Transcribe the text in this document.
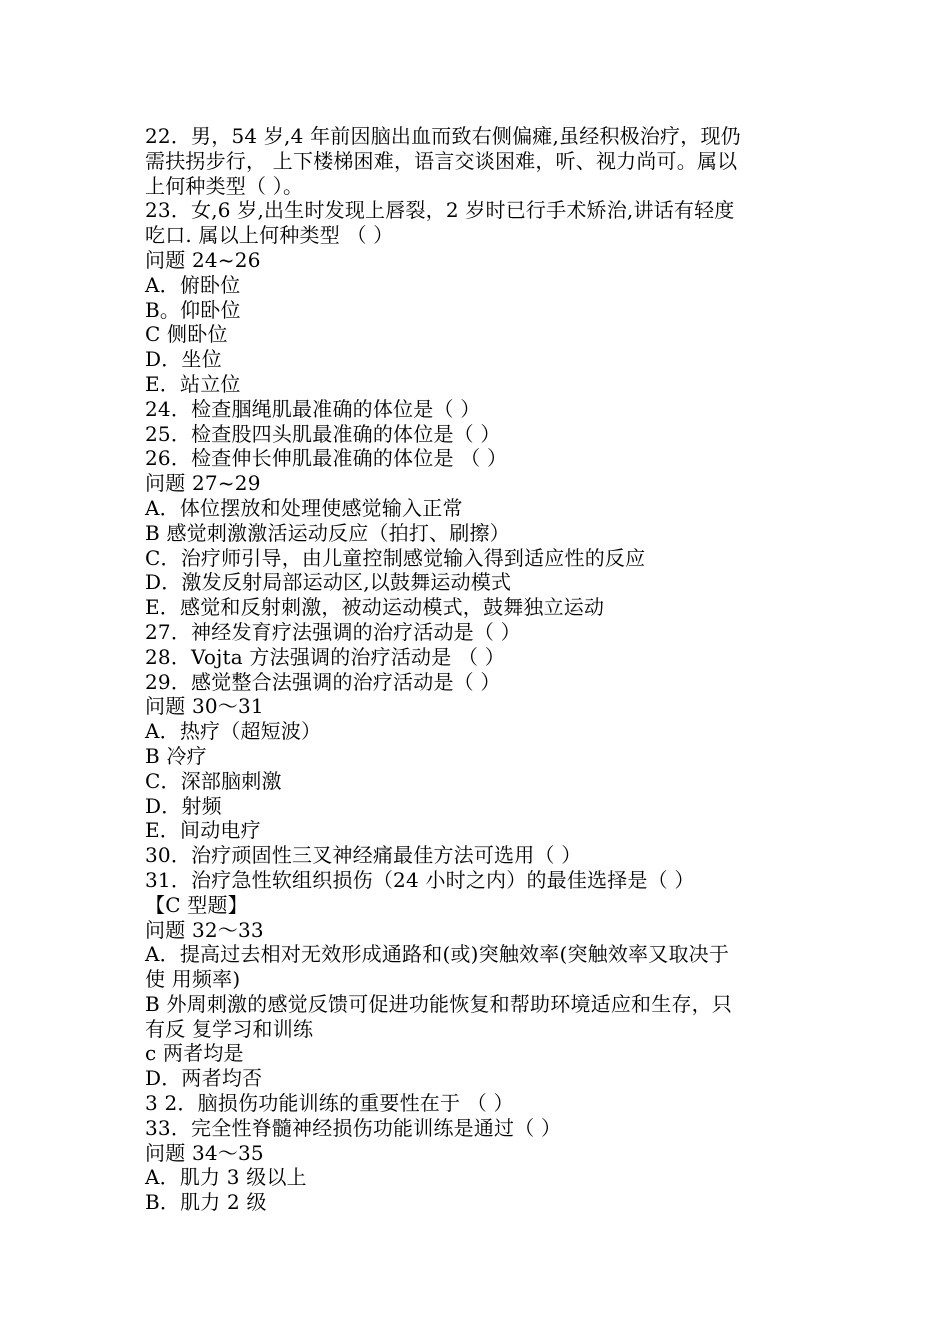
22．男，54 岁,4 年前因脑出血而致右侧偏瘫,虽经积极治疗，现仍
需扶拐步行， 上下楼梯困难，语言交谈困难，听、视力尚可。属以
上何种类型（ ）。
23．女,6 岁,出生时发现上唇裂，2 岁时已行手术矫治,讲话有轻度
吃口. 属以上何种类型 （ ）
问题 24~26
A．俯卧位
B。仰卧位
C 侧卧位
D．坐位
E．站立位
24．检查腘绳肌最准确的体位是（ ）
25．检查股四头肌最准确的体位是（ ）
26．检查伸长伸肌最准确的体位是 （ ）
问题 27~29
A．体位摆放和处理使感觉输入正常
B 感觉刺激激活运动反应（拍打、刷擦）
C．治疗师引导，由儿童控制感觉输入得到适应性的反应
D．激发反射局部运动区,以鼓舞运动模式
E．感觉和反射刺激，被动运动模式，鼓舞独立运动
27．神经发育疗法强调的治疗活动是（ ）
28．Vojta 方法强调的治疗活动是 （ ）
29．感觉整合法强调的治疗活动是（ ）
问题 30～31
A．热疗（超短波）
B 冷疗
C．深部脑刺激
D．射频
E．间动电疗
30．治疗顽固性三叉神经痛最佳方法可选用（ ）
31．治疗急性软组织损伤（24 小时之内）的最佳选择是（ ）
【C 型题】
问题 32～33
A．提高过去相对无效形成通路和(或)突触效率(突触效率又取决于
使 用频率)
B 外周刺激的感觉反馈可促进功能恢复和帮助环境适应和生存，只
有反 复学习和训练
c 两者均是
D．两者均否
3 2．脑损伤功能训练的重要性在于 （ ）
33．完全性脊髓神经损伤功能训练是通过（ ）
问题 34～35
A．肌力 3 级以上
B．肌力 2 级
